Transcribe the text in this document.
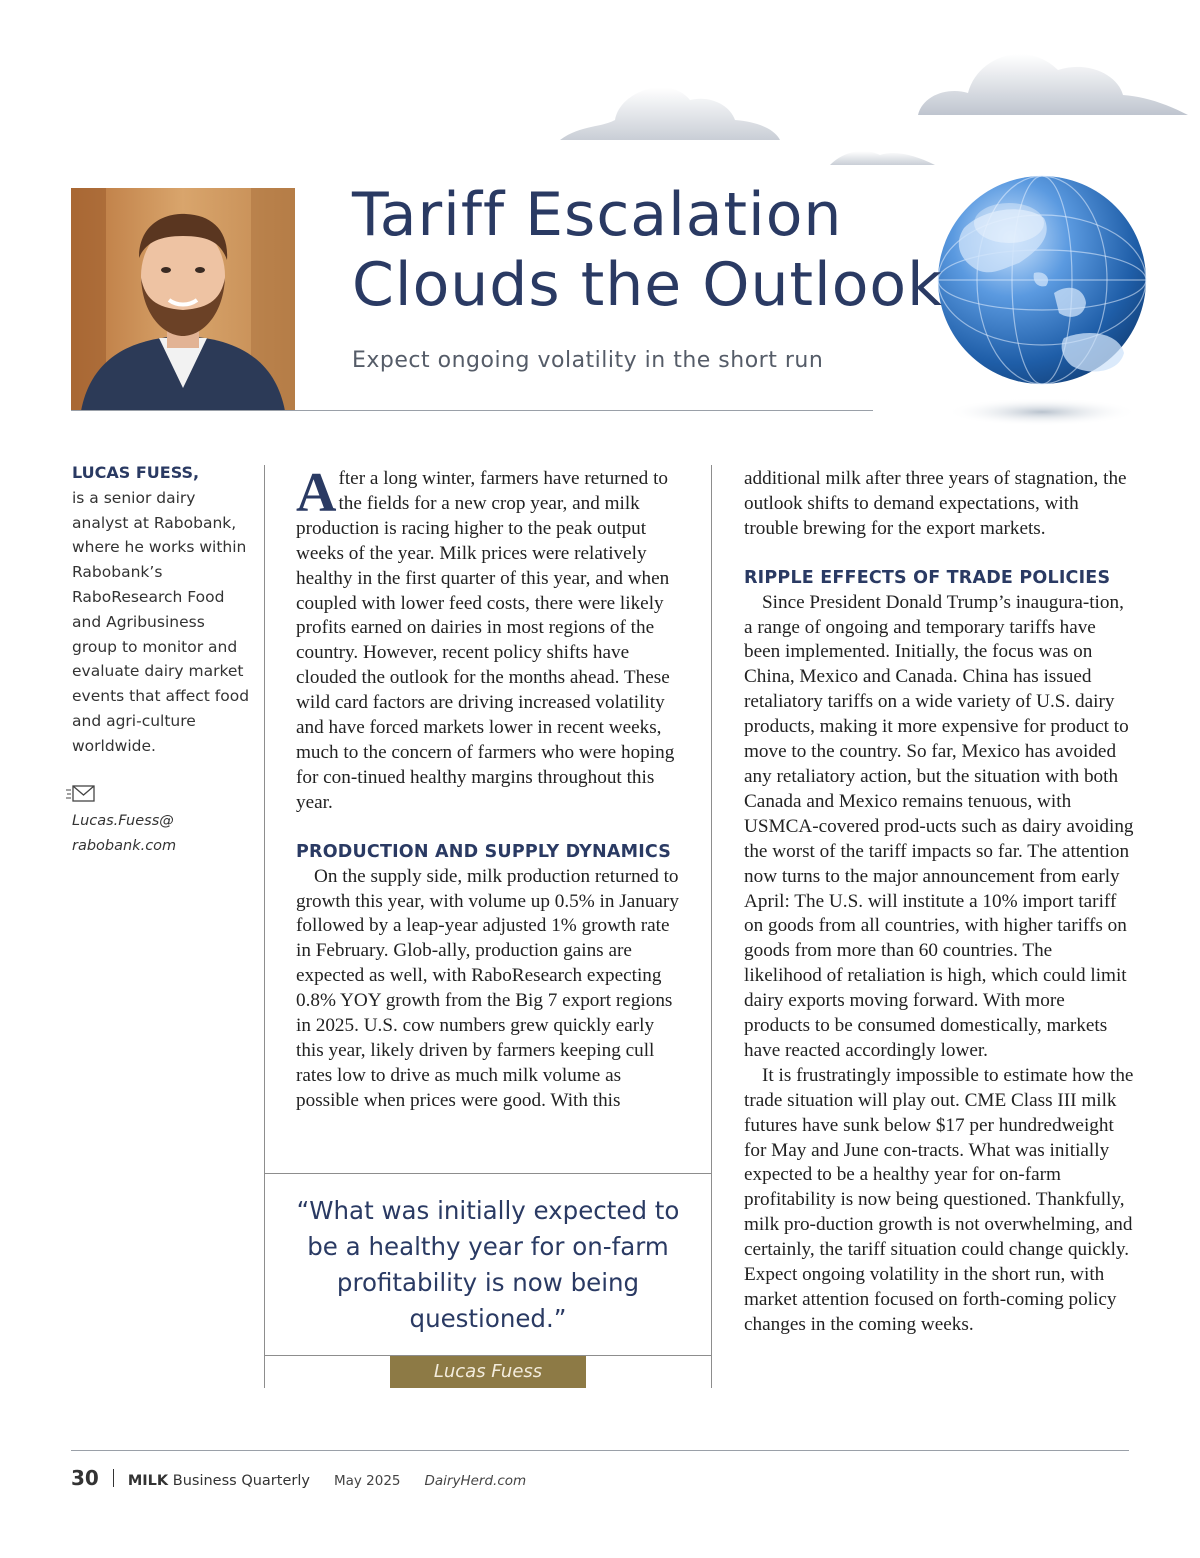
Tariff Escalation
Clouds the Outlook
Expect ongoing volatility in the short run
LUCAS FUESS,
is a senior dairy analyst at Rabobank, where he works within Rabobank’s RaboResearch Food and Agribusiness group to monitor and evaluate dairy market events that affect food and agri-culture worldwide.
Lucas.Fuess@
rabobank.com

After a long winter, farmers have returned to the fields for a new crop year, and milk production is racing higher to the peak output weeks of the year. Milk prices were relatively healthy in the first quarter of this year, and when coupled with lower feed costs, there were likely profits earned on dairies in most regions of the country. However, recent policy shifts have clouded the outlook for the months ahead. These wild card factors are driving increased volatility and have forced markets lower in recent weeks, much to the concern of farmers who were hoping for con-tinued healthy margins throughout this year.

PRODUCTION AND SUPPLY DYNAMICS

On the supply side, milk production returned to growth this year, with volume up 0.5% in January followed by a leap-year adjusted 1% growth rate in February. Glob-ally, production gains are expected as well, with RaboResearch expecting 0.8% YOY growth from the Big 7 export regions in 2025. U.S. cow numbers grew quickly early this year, likely driven by farmers keeping cull rates low to drive as much milk volume as possible when prices were good. With this

additional milk after three years of stagnation, the outlook shifts to demand expectations, with trouble brewing for the export markets.

RIPPLE EFFECTS OF TRADE POLICIES

Since President Donald Trump’s inaugura-tion, a range of ongoing and temporary tariffs have been implemented. Initially, the focus was on China, Mexico and Canada. China has issued retaliatory tariffs on a wide variety of U.S. dairy products, making it more expensive for product to move to the country. So far, Mexico has avoided any retaliatory action, but the situation with both Canada and Mexico remains tenuous, with USMCA-covered prod-ucts such as dairy avoiding the worst of the tariff impacts so far. The attention now turns to the major announcement from early April: The U.S. will institute a 10% import tariff on goods from all countries, with higher tariffs on goods from more than 60 countries. The likelihood of retaliation is high, which could limit dairy exports moving forward. With more products to be consumed domestically, markets have reacted accordingly lower.

It is frustratingly impossible to estimate how the trade situation will play out. CME Class III milk futures have sunk below $17 per hundredweight for May and June con-tracts. What was initially expected to be a healthy year for on-farm profitability is now being questioned. Thankfully, milk pro-duction growth is not overwhelming, and certainly, the tariff situation could change quickly. Expect ongoing volatility in the short run, with market attention focused on forth-coming policy changes in the coming weeks.

“What was initially expected to be a healthy year for on-farm profitability is now being questioned.”
Lucas Fuess
30 MILK Business Quarterly May 2025 DairyHerd.com
